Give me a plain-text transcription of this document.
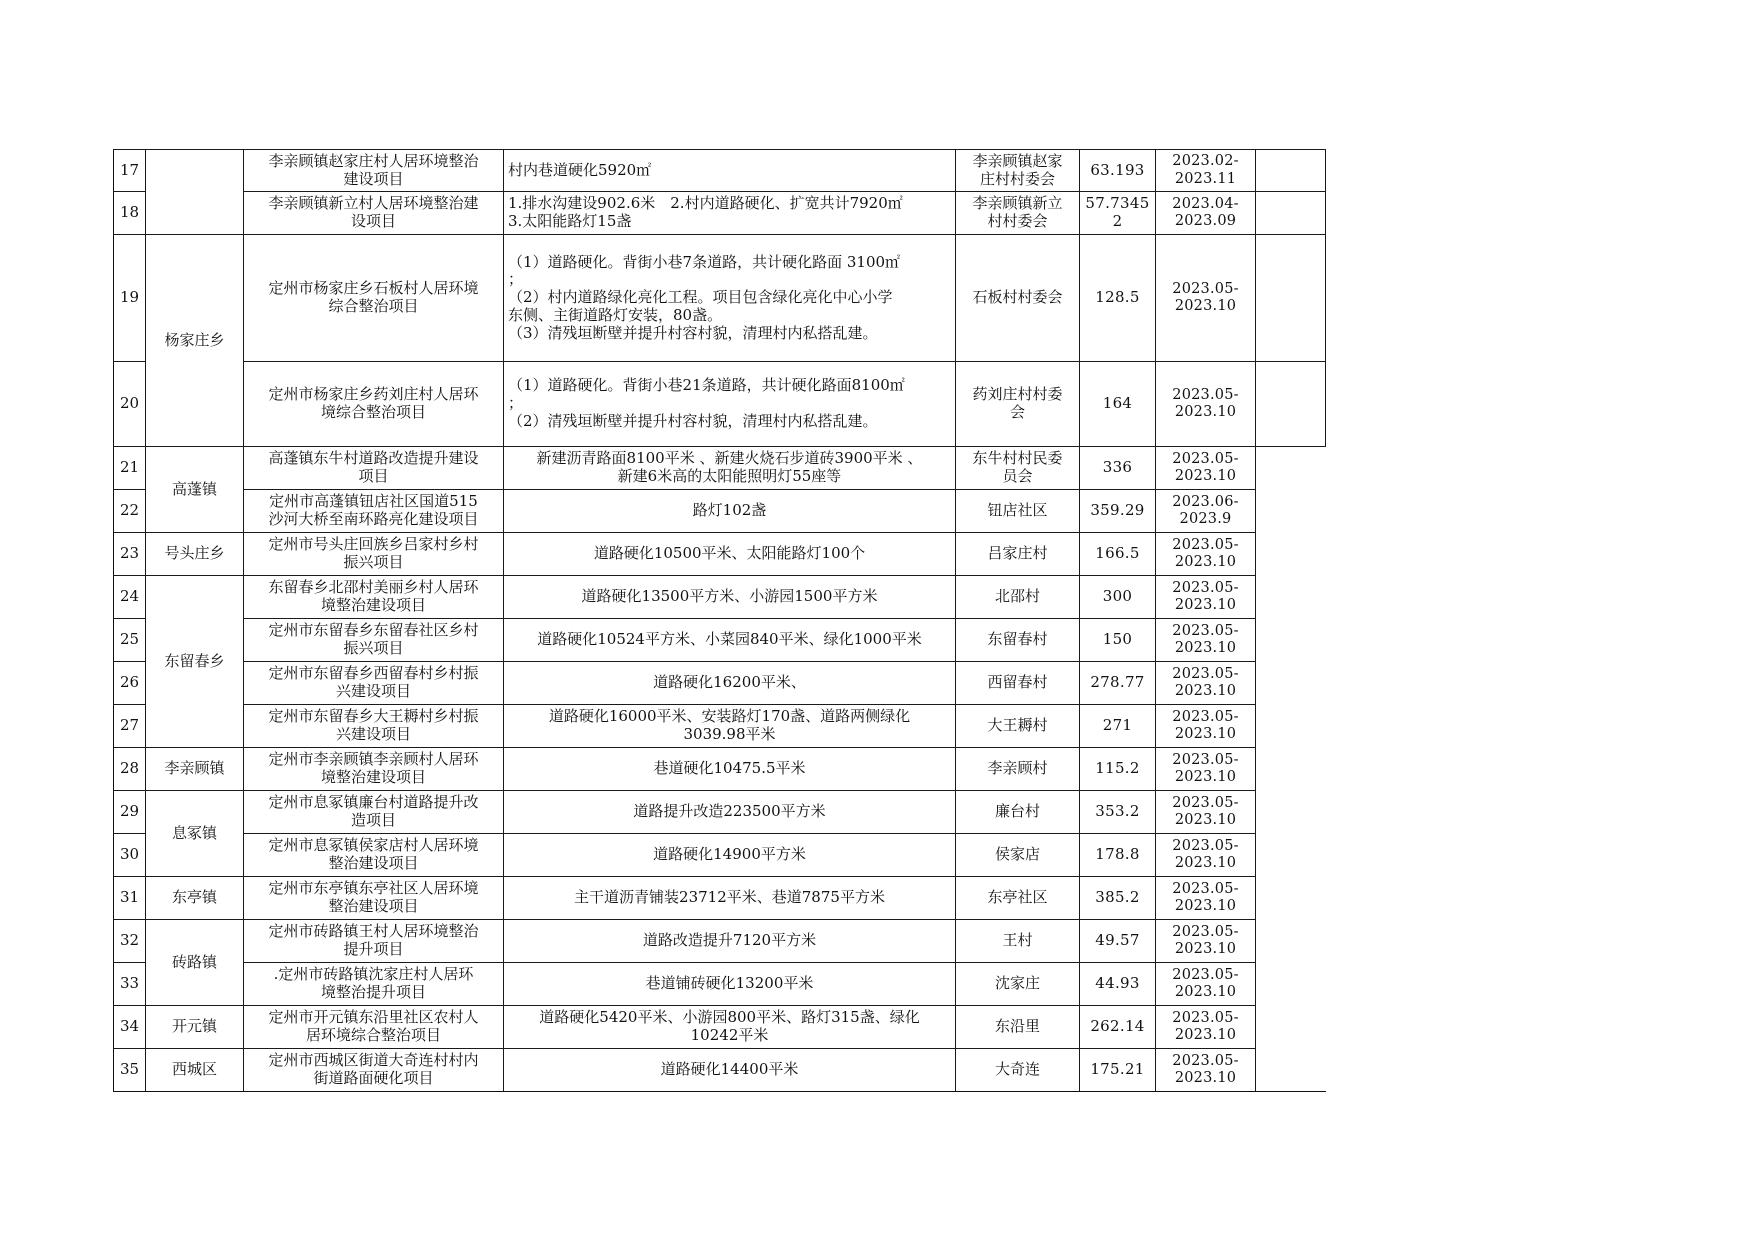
17		李亲顾镇赵家庄村人居环境整治
建设项目	村内巷道硬化5920㎡	李亲顾镇赵家
庄村村委会	63.193	2023.02-
2023.11	

18		李亲顾镇新立村人居环境整治建
设项目	1.排水沟建设902.6米　2.村内道路硬化、扩宽共计7920㎡
3.太阳能路灯15盏	李亲顾镇新立
村村委会	57.7345
2	2023.04-
2023.09	

19	杨家庄乡	定州市杨家庄乡石板村人居环境
综合整治项目	（1）道路硬化。背街小巷7条道路，共计硬化路面 3100㎡
；
（2）村内道路绿化亮化工程。项目包含绿化亮化中心小学
东侧、主街道路灯安装，80盏。
（3）清残垣断壁并提升村容村貌，清理村内私搭乱建。	石板村村委会	128.5	2023.05-
2023.10	

20		定州市杨家庄乡药刘庄村人居环
境综合整治项目	（1）道路硬化。背街小巷21条道路，共计硬化路面8100㎡
；
（2）清残垣断壁并提升村容村貌，清理村内私搭乱建。	药刘庄村村委
会	164	2023.05-
2023.10	

21	高蓬镇	高蓬镇东牛村道路改造提升建设
项目	新建沥青路面8100平米 、新建火烧石步道砖3900平米 、
新建6米高的太阳能照明灯55座等	东牛村村民委
员会	336	2023.05-
2023.10	

22		定州市高蓬镇钮店社区国道515
沙河大桥至南环路亮化建设项目	路灯102盏	钮店社区	359.29	2023.06-
2023.9	

23	号头庄乡	定州市号头庄回族乡吕家村乡村
振兴项目	道路硬化10500平米、太阳能路灯100个	吕家庄村	166.5	2023.05-
2023.10	

24	东留春乡	东留春乡北邵村美丽乡村人居环
境整治建设项目	道路硬化13500平方米、小游园1500平方米	北邵村	300	2023.05-
2023.10	

25		定州市东留春乡东留春社区乡村
振兴项目	道路硬化10524平方米、小菜园840平米、绿化1000平米	东留春村	150	2023.05-
2023.10	

26		定州市东留春乡西留春村乡村振
兴建设项目	道路硬化16200平米、	西留春村	278.77	2023.05-
2023.10	

27		定州市东留春乡大王耨村乡村振
兴建设项目	道路硬化16000平米、安装路灯170盏、道路两侧绿化
3039.98平米	大王耨村	271	2023.05-
2023.10	

28	李亲顾镇	定州市李亲顾镇李亲顾村人居环
境整治建设项目	巷道硬化10475.5平米	李亲顾村	115.2	2023.05-
2023.10	

29	息冢镇	定州市息冢镇廉台村道路提升改
造项目	道路提升改造223500平方米	廉台村	353.2	2023.05-
2023.10	

30		定州市息冢镇侯家店村人居环境
整治建设项目	道路硬化14900平方米	侯家店	178.8	2023.05-
2023.10	

31	东亭镇	定州市东亭镇东亭社区人居环境
整治建设项目	主干道沥青铺装23712平米、巷道7875平方米	东亭社区	385.2	2023.05-
2023.10	

32	砖路镇	定州市砖路镇王村人居环境整治
提升项目	道路改造提升7120平方米	王村	49.57	2023.05-
2023.10	

33		.定州市砖路镇沈家庄村人居环
境整治提升项目	巷道铺砖硬化13200平米	沈家庄	44.93	2023.05-
2023.10	

34	开元镇	定州市开元镇东沿里社区农村人
居环境综合整治项目	道路硬化5420平米、小游园800平米、路灯315盏、绿化
10242平米	东沿里	262.14	2023.05-
2023.10	

35	西城区	定州市西城区街道大奇连村村内
街道路面硬化项目	道路硬化14400平米	大奇连	175.21	2023.05-
2023.10	
